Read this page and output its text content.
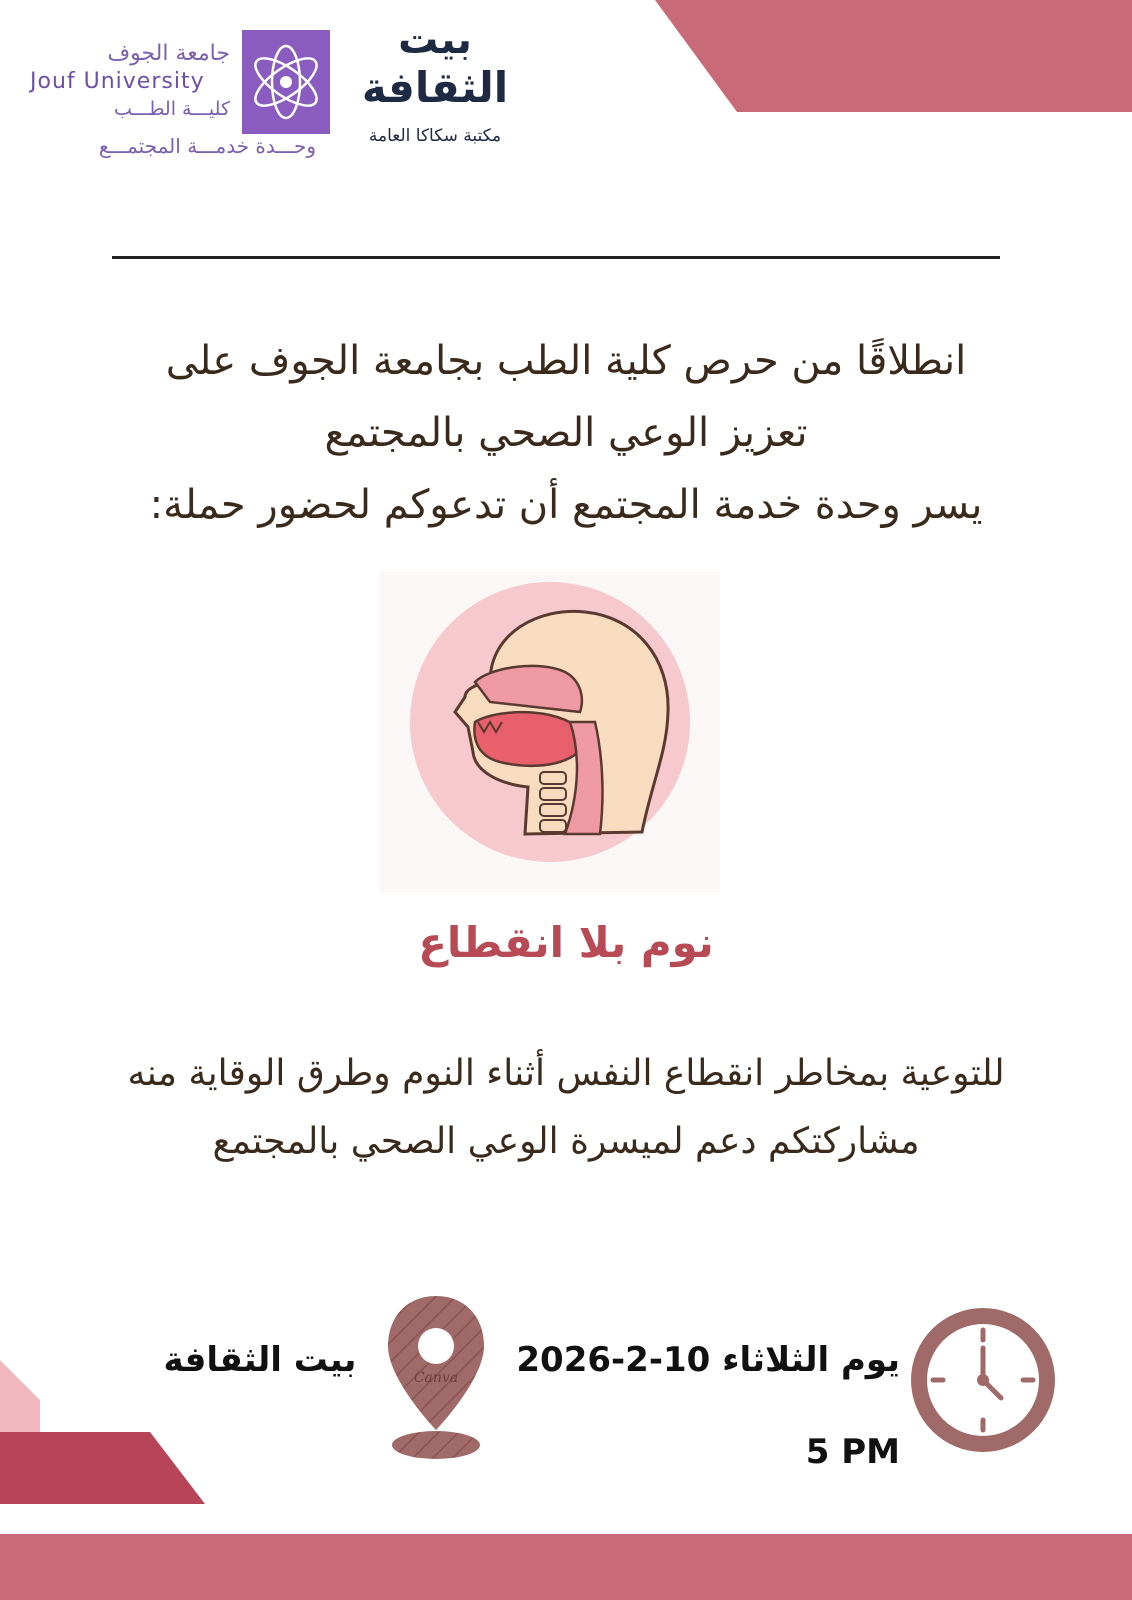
جامعة الجوف
Jouf University
كليـــة الطـــب
وحـــدة خدمـــة المجتمـــع
بيت
الثقافة
مكتبة سكاكا العامة
انطلاقًا من حرص كلية الطب بجامعة الجوف على
تعزيز الوعي الصحي بالمجتمع
يسر وحدة خدمة المجتمع أن تدعوكم لحضور حملة:
نوم بلا انقطاع
للتوعية بمخاطر انقطاع النفس أثناء النوم وطرق الوقاية منه
مشاركتكم دعم لميسرة الوعي الصحي بالمجتمع
يوم الثلاثاء 10-2-2026
5 PM
Canva
بيت الثقافة
